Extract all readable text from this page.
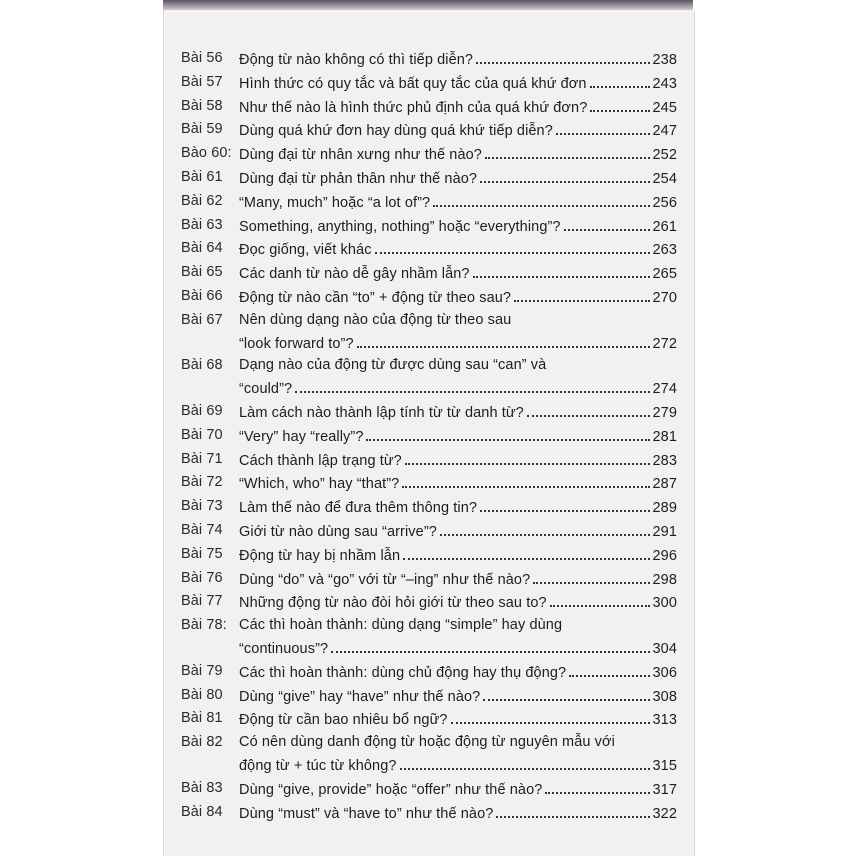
Bài 56	Động từ nào không có thì tiếp diễn?	238
Bài 57	Hình thức có quy tắc và bất quy tắc của quá khứ đơn	243
Bài 58	Như thế nào là hình thức phủ định của quá khứ đơn?	245
Bài 59	Dùng quá khứ đơn hay dùng quá khứ tiếp diễn?	247
Bào 60: Dùng đại từ nhân xưng như thế nào?	252
Bài 61	Dùng đại từ phản thân như thế nào?	254
Bài 62	“Many, much” hoặc “a lot of”?	256
Bài 63	Something, anything, nothing” hoặc “everything”?	261
Bài 64	Đọc giống, viết khác	263
Bài 65	Các danh từ nào dễ gây nhầm lẫn?	265
Bài 66	Động từ nào cần “to” + động từ theo sau?	270
Bài 67	Nên dùng dạng nào của động từ theo sau
“look forward to”?	272
Bài 68	Dạng nào của động từ được dùng sau “can” và
“could”?	274
Bài 69	Làm cách nào thành lập tính từ từ danh từ?	279
Bài 70	“Very” hay “really”?	281
Bài 71	Cách thành lập trạng từ?	283
Bài 72	“Which, who” hay “that”?	287
Bài 73	Làm thế nào để đưa thêm thông tin?	289
Bài 74	Giới từ nào dùng sau “arrive”?	291
Bài 75	Động từ hay bị nhầm lẫn	296
Bài 76	Dùng “do” và “go” với từ “–ing” như thế nào?	298
Bài 77	Những động từ nào đòi hỏi giới từ theo sau to?	300
Bài 78: Các thì hoàn thành: dùng dạng “simple” hay dùng
“continuous”?	304
Bài 79	Các thì hoàn thành: dùng chủ động hay thụ động?	306
Bài 80	Dùng “give” hay “have” như thế nào?	308
Bài 81	Động từ cần bao nhiêu bổ ngữ?	313
Bài 82	Có nên dùng danh động từ hoặc động từ nguyên mẫu với
động từ + túc từ không?	315
Bài 83	Dùng “give, provide” hoặc “offer” như thế nào?	317
Bài 84	Dùng “must” và “have to” như thế nào?	322
